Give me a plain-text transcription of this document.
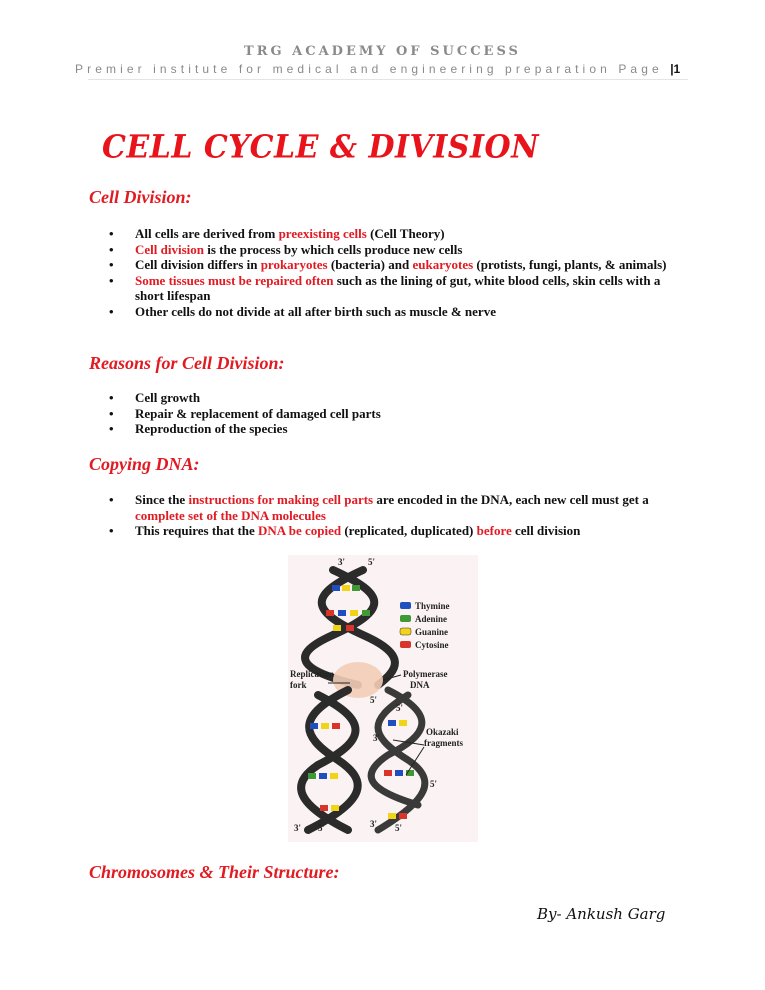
TRG ACADEMY OF SUCCESS
Premier institute for medical and engineering preparation Page |1
CELL CYCLE & DIVISION
Cell Division:
• All cells are derived from preexisting cells (Cell Theory)
• Cell division is the process by which cells produce new cells
• Cell division differs in prokaryotes (bacteria) and eukaryotes (protists, fungi, plants, & animals)
• Some tissues must be repaired often such as the lining of gut, white blood cells, skin cells with a short lifespan
• Other cells do not divide at all after birth such as muscle & nerve
Reasons for Cell Division:
• Cell growth
• Repair & replacement of damaged cell parts
• Reproduction of the species
Copying DNA:
• Since the instructions for making cell parts are encoded in the DNA, each new cell must get a complete set of the DNA molecules
• This requires that the DNA be copied (replicated, duplicated) before cell division
Thymine
Adenine
Guanine
Cytosine
3'	5'
Replication
fork
Polymerase
DNA
5'
5'
Okazaki
fragments
3'
5'
3' 5'	3' 5'
Chromosomes & Their Structure:
By- Ankush Garg
